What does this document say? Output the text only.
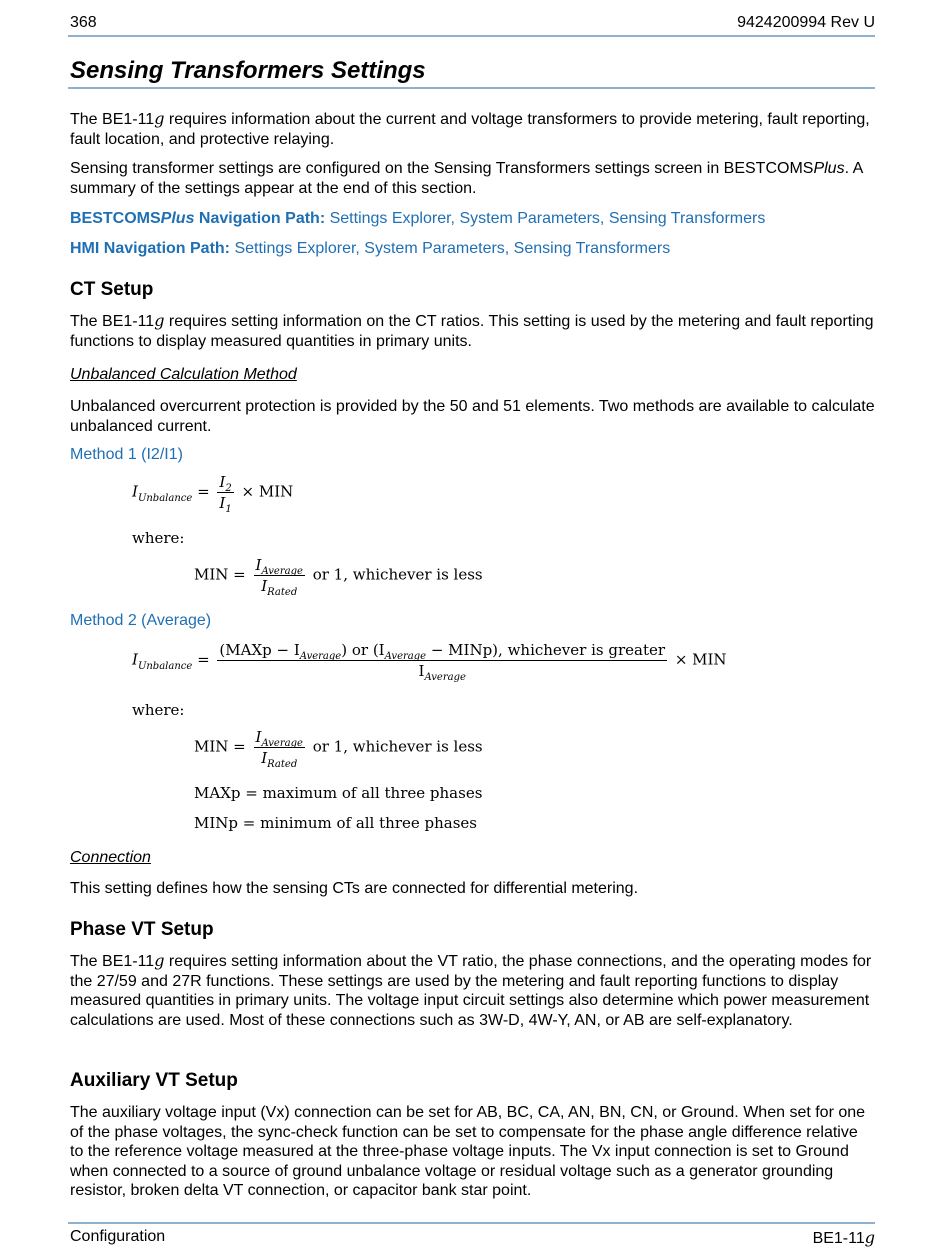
368	9424200994 Rev U
Sensing Transformers Settings
The BE1-11g requires information about the current and voltage transformers to provide metering, fault reporting, fault location, and protective relaying.
Sensing transformer settings are configured on the Sensing Transformers settings screen in BESTCOMSPlus. A summary of the settings appear at the end of this section.
BESTCOMSPlus Navigation Path: Settings Explorer, System Parameters, Sensing Transformers
HMI Navigation Path: Settings Explorer, System Parameters, Sensing Transformers
CT Setup
The BE1-11g requires setting information on the CT ratios. This setting is used by the metering and fault reporting functions to display measured quantities in primary units.
Unbalanced Calculation Method
Unbalanced overcurrent protection is provided by the 50 and 51 elements. Two methods are available to calculate unbalanced current.
Method 1 (I2/I1)
$I_{Unbalance} = \frac{I_2}{I_1}$ × MIN
where:
MIN = $\frac{I_{Average}}{I_{Rated}}$ or 1, whichever is less
Method 2 (Average)
$I_{Unbalance} = \frac{(MAXp - I_{Average}) or (I_{Average} - MINp), whichever is greater}{I_{Average}}$ × MIN
where:
MIN = $\frac{I_{Average}}{I_{Rated}}$ or 1, whichever is less
MAXp = maximum of all three phases
MINp = minimum of all three phases
Connection
This setting defines how the sensing CTs are connected for differential metering.
Phase VT Setup
The BE1-11g requires setting information about the VT ratio, the phase connections, and the operating modes for the 27/59 and 27R functions. These settings are used by the metering and fault reporting functions to display measured quantities in primary units. The voltage input circuit settings also determine which power measurement calculations are used. Most of these connections such as 3W-D, 4W-Y, AN, or AB are self-explanatory.
Auxiliary VT Setup
The auxiliary voltage input (Vx) connection can be set for AB, BC, CA, AN, BN, CN, or Ground. When set for one of the phase voltages, the sync-check function can be set to compensate for the phase angle difference relative to the reference voltage measured at the three-phase voltage inputs. The Vx input connection is set to Ground when connected to a source of ground unbalance voltage or residual voltage such as a generator grounding resistor, broken delta VT connection, or capacitor bank star point.
Configuration	BE1-11g
